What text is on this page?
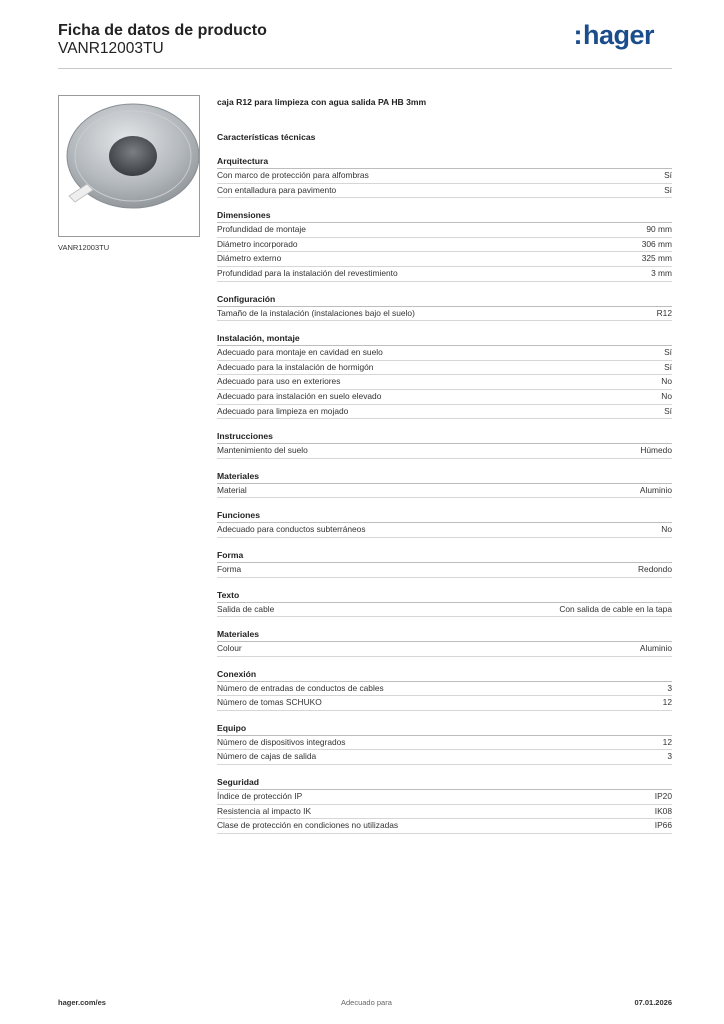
Ficha de datos de producto
VANR12003TU	:hager
VANR12003TU

caja R12 para limpieza con agua salida PA HB 3mm

Características técnicas
Arquitectura
Con marco de protección para alfombras	Sí
Con entalladura para pavimento	Sí
Dimensiones
Profundidad de montaje	90 mm
Diámetro incorporado	306 mm
Diámetro externo	325 mm
Profundidad para la instalación del revestimiento	3 mm
Configuración
Tamaño de la instalación (instalaciones bajo el suelo)	R12
Instalación, montaje
Adecuado para montaje en cavidad en suelo	Sí
Adecuado para la instalación de hormigón	Sí
Adecuado para uso en exteriores	No
Adecuado para instalación en suelo elevado	No
Adecuado para limpieza en mojado	Sí
Instrucciones
Mantenimiento del suelo	Húmedo
Materiales
Material	Aluminio
Funciones
Adecuado para conductos subterráneos	No
Forma
Forma	Redondo
Texto
Salida de cable	Con salida de cable en la tapa
Materiales
Colour	Aluminio
Conexión
Número de entradas de conductos de cables	3
Número de tomas SCHUKO	12
Equipo
Número de dispositivos integrados	12
Número de cajas de salida	3
Seguridad
Índice de protección IP	IP20
Resistencia al impacto IK	IK08
Clase de protección en condiciones no utilizadas	IP66
hager.com/es	Adecuado para	07.01.2026
